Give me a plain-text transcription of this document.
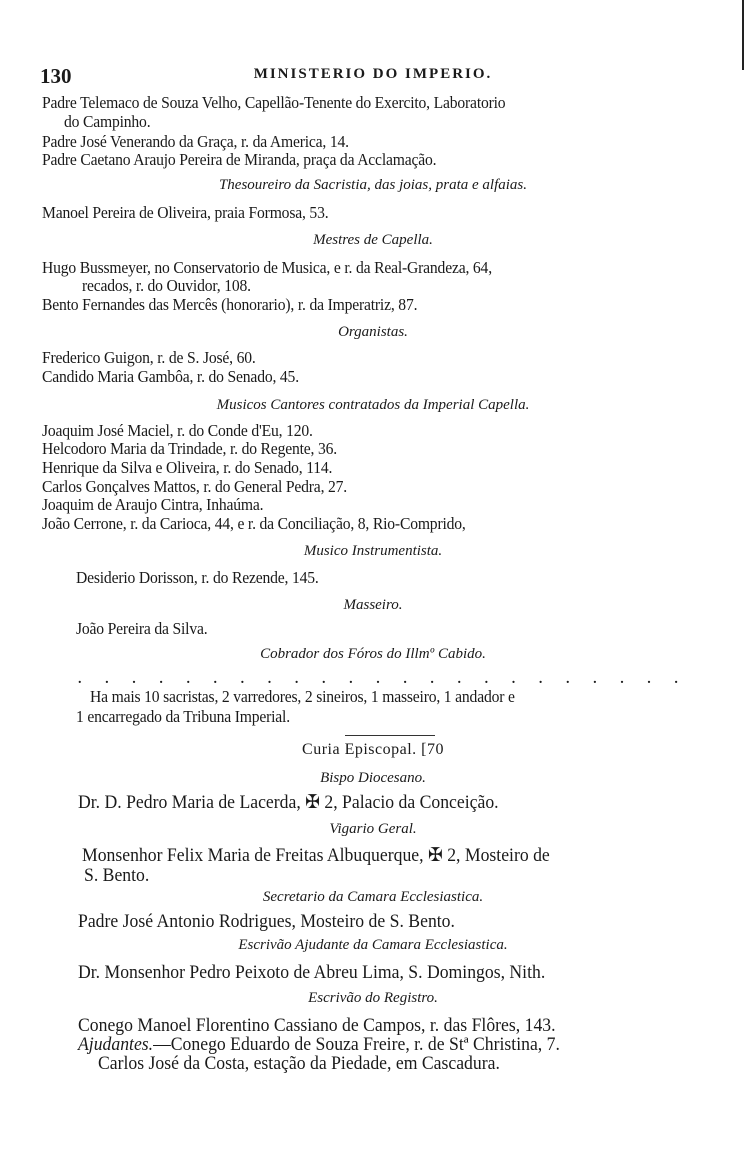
130	MINISTERIO DO IMPERIO.
Padre Telemaco de Souza Velho, Capellão-Tenente do Exercito, Laboratorio
do Campinho.
Padre José Venerando da Graça, r. da America, 14.
Padre Caetano Araujo Pereira de Miranda, praça da Acclamação.
Thesoureiro da Sacristia, das joias, prata e alfaias.
Manoel Pereira de Oliveira, praia Formosa, 53.
Mestres de Capella.
Hugo Bussmeyer, no Conservatorio de Musica, e r. da Real-Grandeza, 64,
recados, r. do Ouvidor, 108.
Bento Fernandes das Mercês (honorario), r. da Imperatriz, 87.
Organistas.
Frederico Guigon, r. de S. José, 60.
Candido Maria Gambôa, r. do Senado, 45.
Musicos Cantores contratados da Imperial Capella.
Joaquim José Maciel, r. do Conde d'Eu, 120.
Helcodoro Maria da Trindade, r. do Regente, 36.
Henrique da Silva e Oliveira, r. do Senado, 114.
Carlos Gonçalves Mattos, r. do General Pedra, 27.
Joaquim de Araujo Cintra, Inhaúma.
João Cerrone, r. da Carioca, 44, e r. da Conciliação, 8, Rio-Comprido,
Musico Instrumentista.
Desiderio Dorisson, r. do Rezende, 145.
Masseiro.
João Pereira da Silva.
Cobrador dos Fóros do Illmº Cabido.
. . . . . . . . . . . . . . . . . . . . . . .
Ha mais 10 sacristas, 2 varredores, 2 sineiros, 1 masseiro, 1 andador e
1 encarregado da Tribuna Imperial.
Curia Episcopal. [70
Bispo Diocesano.
Dr. D. Pedro Maria de Lacerda, ✠ 2, Palacio da Conceição.
Vigario Geral.
Monsenhor Felix Maria de Freitas Albuquerque, ✠ 2, Mosteiro de
S. Bento.
Secretario da Camara Ecclesiastica.
Padre José Antonio Rodrigues, Mosteiro de S. Bento.
Escrivão Ajudante da Camara Ecclesiastica.
Dr. Monsenhor Pedro Peixoto de Abreu Lima, S. Domingos, Nith.
Escrivão do Registro.
Conego Manoel Florentino Cassiano de Campos, r. das Flôres, 143.
Ajudantes.—Conego Eduardo de Souza Freire, r. de Stª Christina, 7.
Carlos José da Costa, estação da Piedade, em Cascadura.
